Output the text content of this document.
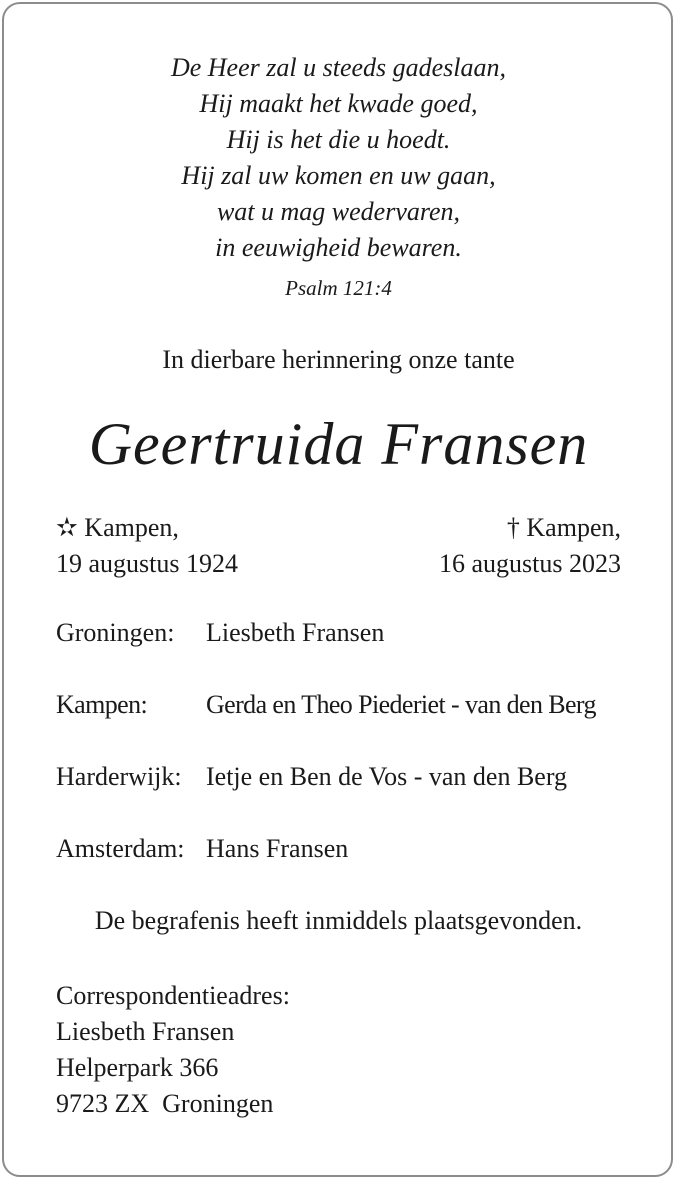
De Heer zal u steeds gadeslaan,
Hij maakt het kwade goed,
Hij is het die u hoedt.
Hij zal uw komen en uw gaan,
wat u mag wedervaren,
in eeuwigheid bewaren.
Psalm 121:4
In dierbare herinnering onze tante
Geertruida Fransen
✫ Kampen,
19 augustus 1924
† Kampen,
16 augustus 2023
Groningen: Liesbeth Fransen
Kampen: Gerda en Theo Piederiet - van den Berg
Harderwijk: Ietje en Ben de Vos - van den Berg
Amsterdam: Hans Fransen
De begrafenis heeft inmiddels plaatsgevonden.
Correspondentieadres:
Liesbeth Fransen
Helperpark 366
9723 ZX  Groningen
